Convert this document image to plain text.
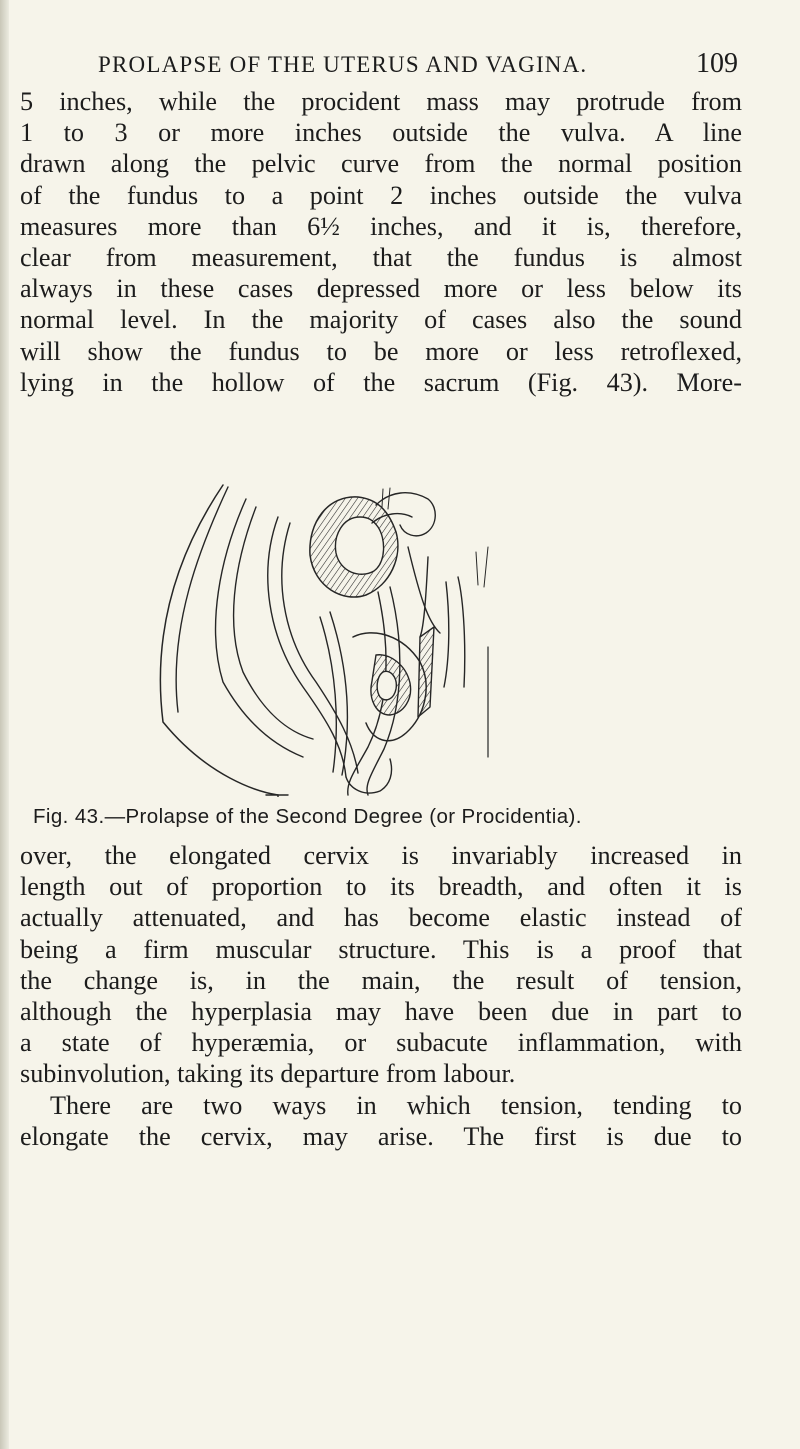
PROLAPSE OF THE UTERUS AND VAGINA.	109
5 inches, while the procident mass may protrude from
1 to 3 or more inches outside the vulva. A line
drawn along the pelvic curve from the normal position
of the fundus to a point 2 inches outside the vulva
measures more than 6½ inches, and it is, therefore,
clear from measurement, that the fundus is almost
always in these cases depressed more or less below its
normal level. In the majority of cases also the sound
will show the fundus to be more or less retroflexed,
lying in the hollow of the sacrum (Fig. 43). More-
Fig. 43.—Prolapse of the Second Degree (or Procidentia).
over, the elongated cervix is invariably increased in
length out of proportion to its breadth, and often it is
actually attenuated, and has become elastic instead of
being a firm muscular structure. This is a proof that
the change is, in the main, the result of tension,
although the hyperplasia may have been due in part to
a state of hyperæmia, or subacute inflammation, with
subinvolution, taking its departure from labour.
There are two ways in which tension, tending to
elongate the cervix, may arise. The first is due to
